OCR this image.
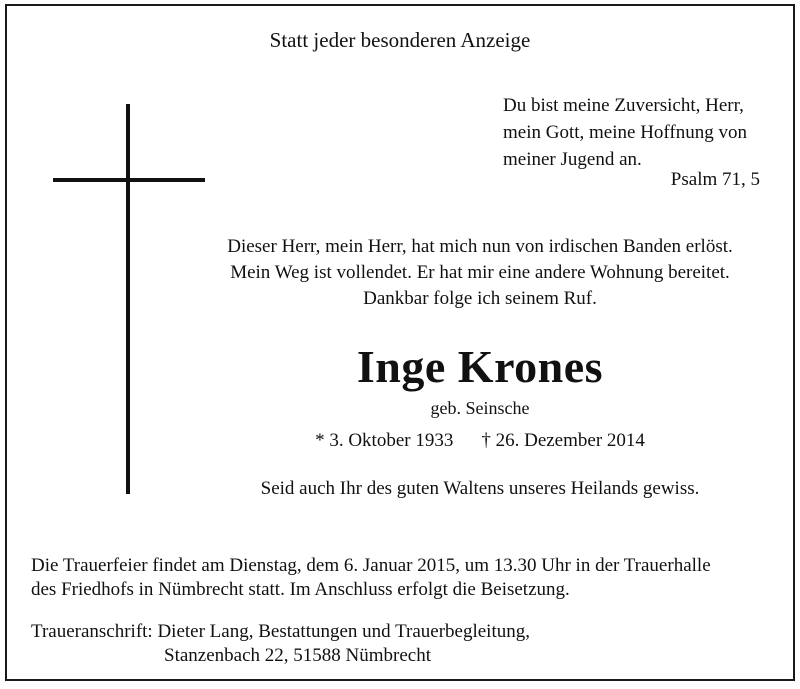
Statt jeder besonderen Anzeige
Du bist meine Zuversicht, Herr,
mein Gott, meine Hoffnung von
meiner Jugend an.
Psalm 71, 5
Dieser Herr, mein Herr, hat mich nun von irdischen Banden erlöst.
Mein Weg ist vollendet. Er hat mir eine andere Wohnung bereitet.
Dankbar folge ich seinem Ruf.
Inge Krones
geb. Seinsche
* 3. Oktober 1933 † 26. Dezember 2014
Seid auch Ihr des guten Waltens unseres Heilands gewiss.
Die Trauerfeier findet am Dienstag, dem 6. Januar 2015, um 13.30 Uhr in der Trauerhalle
des Friedhofs in Nümbrecht statt. Im Anschluss erfolgt die Beisetzung.
Traueranschrift: Dieter Lang, Bestattungen und Trauerbegleitung,
Stanzenbach 22, 51588 Nümbrecht
